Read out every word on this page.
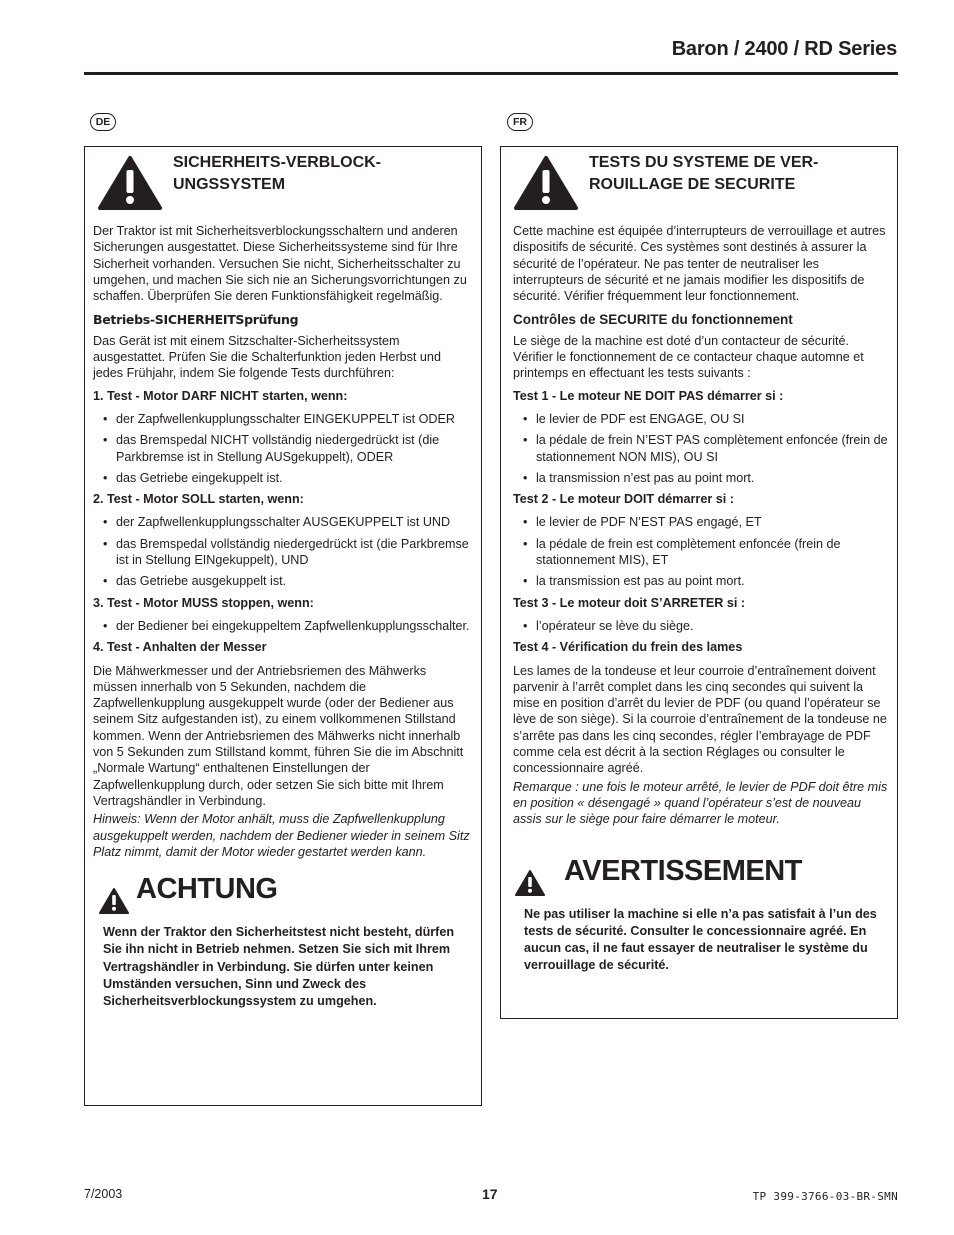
Baron / 2400 / RD Series
DE	FR
SICHERHEITS-VERBLOCK-
UNGSSYSTEM

Der Traktor ist mit Sicherheitsverblockungsschaltern und anderen Sicherungen ausgestattet. Diese Sicherheitssysteme sind für Ihre Sicherheit vorhanden. Versuchen Sie nicht, Sicherheitsschalter zu umgehen, und machen Sie sich nie an Sicherungsvorrichtungen zu schaffen. Überprüfen Sie deren Funktionsfähigkeit regelmäßig.

Betriebs-SICHERHEITSprüfung

Das Gerät ist mit einem Sitzschalter-Sicherheitssystem ausgestattet. Prüfen Sie die Schalterfunktion jeden Herbst und jedes Frühjahr, indem Sie folgende Tests durchführen:

1. Test - Motor DARF NICHT starten, wenn:
• der Zapfwellenkupplungsschalter EINGEKUPPELT ist ODER
• das Bremspedal NICHT vollständig niedergedrückt ist (die Parkbremse ist in Stellung AUSgekuppelt), ODER
• das Getriebe eingekuppelt ist.
2. Test - Motor SOLL starten, wenn:
• der Zapfwellenkupplungsschalter AUSGEKUPPELT ist UND
• das Bremspedal vollständig niedergedrückt ist (die Parkbremse ist in Stellung EINgekuppelt), UND
• das Getriebe ausgekuppelt ist.
3. Test - Motor MUSS stoppen, wenn:
• der Bediener bei eingekuppeltem Zapfwellenkupplungsschalter.
4. Test - Anhalten der Messer

Die Mähwerkmesser und der Antriebsriemen des Mähwerks müssen innerhalb von 5 Sekunden, nachdem die Zapfwellenkupplung ausgekuppelt wurde (oder der Bediener aus seinem Sitz aufgestanden ist), zu einem vollkommenen Stillstand kommen. Wenn der Antriebsriemen des Mähwerks nicht innerhalb von 5 Sekunden zum Stillstand kommt, führen Sie die im Abschnitt „Normale Wartung“ enthaltenen Einstellungen der Zapfwellenkupplung durch, oder setzen Sie sich bitte mit Ihrem Vertragshändler in Verbindung.

Hinweis: Wenn der Motor anhält, muss die Zapfwellenkupplung ausgekuppelt werden, nachdem der Bediener wieder in seinem Sitz Platz nimmt, damit der Motor wieder gestartet werden kann.

ACHTUNG
Wenn der Traktor den Sicherheitstest nicht besteht, dürfen Sie ihn nicht in Betrieb nehmen. Setzen Sie sich mit Ihrem Vertragshändler in Verbindung. Sie dürfen unter keinen Umständen versuchen, Sinn und Zweck des Sicherheitsverblockungssystem zu umgehen.
TESTS DU SYSTEME DE VER-
ROUILLAGE DE SECURITE

Cette machine est équipée d’interrupteurs de verrouillage et autres dispositifs de sécurité. Ces systèmes sont destinés à assurer la sécurité de l’opérateur. Ne pas tenter de neutraliser les interrupteurs de sécurité et ne jamais modifier les dispositifs de sécurité. Vérifier fréquemment leur fonctionnement.

Contrôles de SECURITE du fonctionnement

Le siège de la machine est doté d’un contacteur de sécurité. Vérifier le fonctionnement de ce contacteur chaque automne et printemps en effectuant les tests suivants :

Test 1 - Le moteur NE DOIT PAS démarrer si :
• le levier de PDF est ENGAGE, OU SI
• la pédale de frein N’EST PAS complètement enfoncée (frein de stationnement NON MIS), OU SI
• la transmission n’est pas au point mort.
Test 2 - Le moteur DOIT démarrer si :
• le levier de PDF N’EST PAS engagé, ET
• la pédale de frein est complètement enfoncée (frein de stationnement MIS), ET
• la transmission est pas au point mort.
Test 3 - Le moteur doit S’ARRETER si :
• l’opérateur se lève du siège.
Test 4 - Vérification du frein des lames

Les lames de la tondeuse et leur courroie d’entraînement doivent parvenir à l’arrêt complet dans les cinq secondes qui suivent la mise en position d’arrêt du levier de PDF (ou quand l’opérateur se lève de son siège). Si la courroie d’entraînement de la tondeuse ne s’arrête pas dans les cinq secondes, régler l’embrayage de PDF comme cela est décrit à la section Réglages ou consulter le concessionnaire agréé.

Remarque : une fois le moteur arrêté, le levier de PDF doit être mis en position « désengagé » quand l’opérateur s’est de nouveau assis sur le siège pour faire démarrer le moteur.

AVERTISSEMENT
Ne pas utiliser la machine si elle n’a pas satisfait à l’un des tests de sécurité. Consulter le concessionnaire agréé. En aucun cas, il ne faut essayer de neutraliser le système du verrouillage de sécurité.
7/2003	17	TP 399-3766-03-BR-SMN
